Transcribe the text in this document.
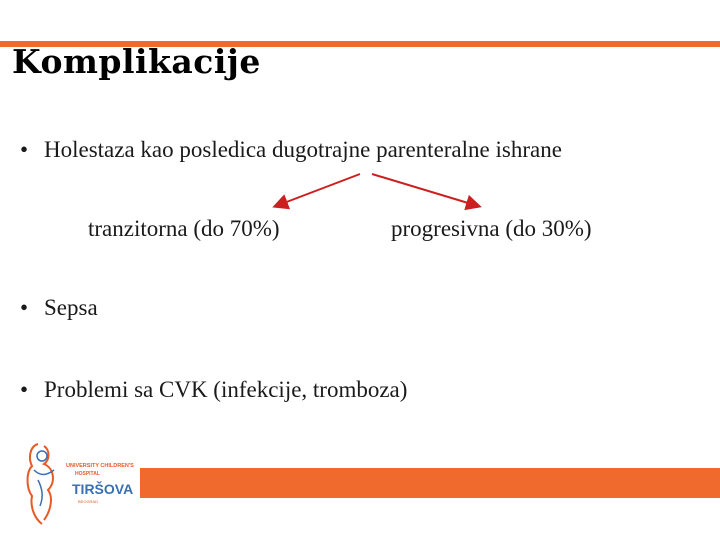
Komplikacije
• Holestaza kao posledica dugotrajne parenteralne ishrane
tranzitorna (do 70%)	progresivna (do 30%)
• Sepsa
• Problemi sa CVK (infekcije, tromboza)
UNIVERSITY CHILDREN'S
HOSPITAL
TIRŠOVA
BEOGRAD
